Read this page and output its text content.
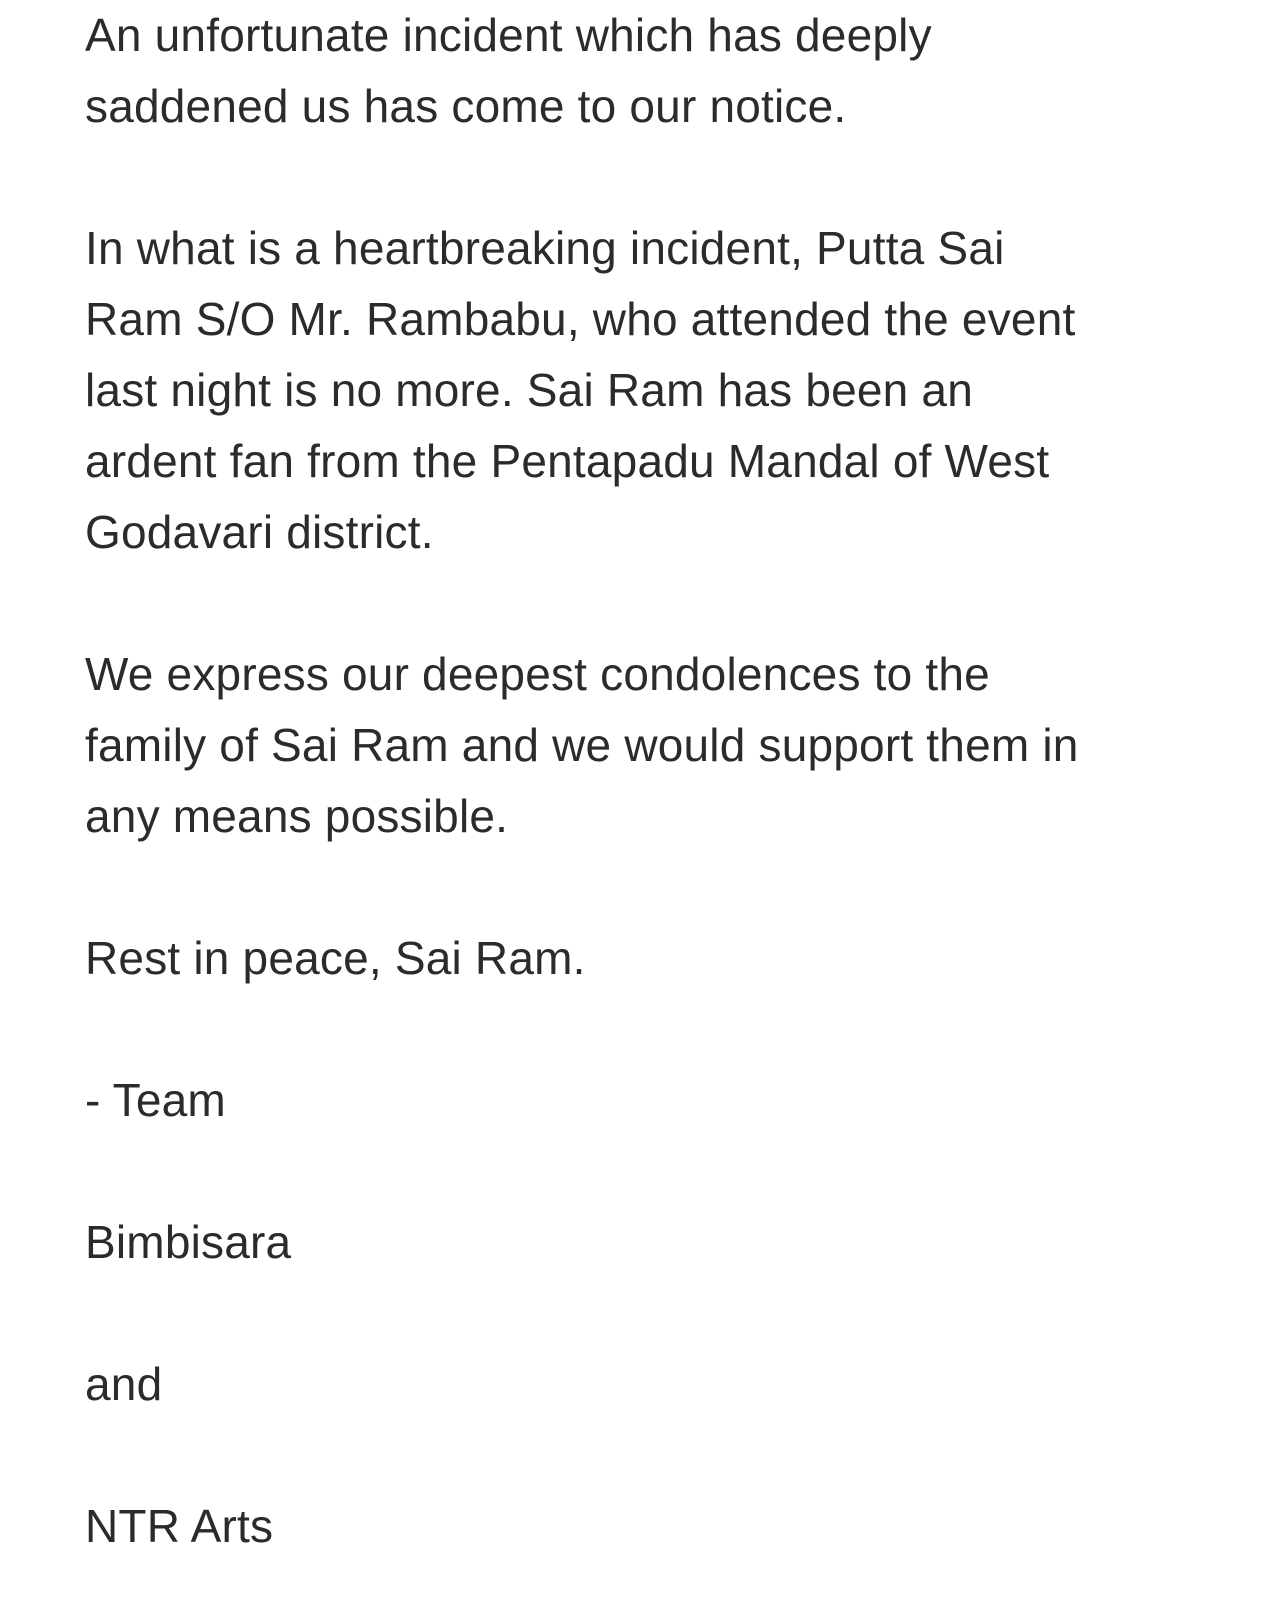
An unfortunate incident which has deeply
saddened us has come to our notice.
In what is a heartbreaking incident, Putta Sai
Ram S/O Mr. Rambabu, who attended the event
last night is no more. Sai Ram has been an
ardent fan from the Pentapadu Mandal of West
Godavari district.
We express our deepest condolences to the
family of Sai Ram and we would support them in
any means possible.
Rest in peace, Sai Ram.
- Team
Bimbisara
and
NTR Arts
